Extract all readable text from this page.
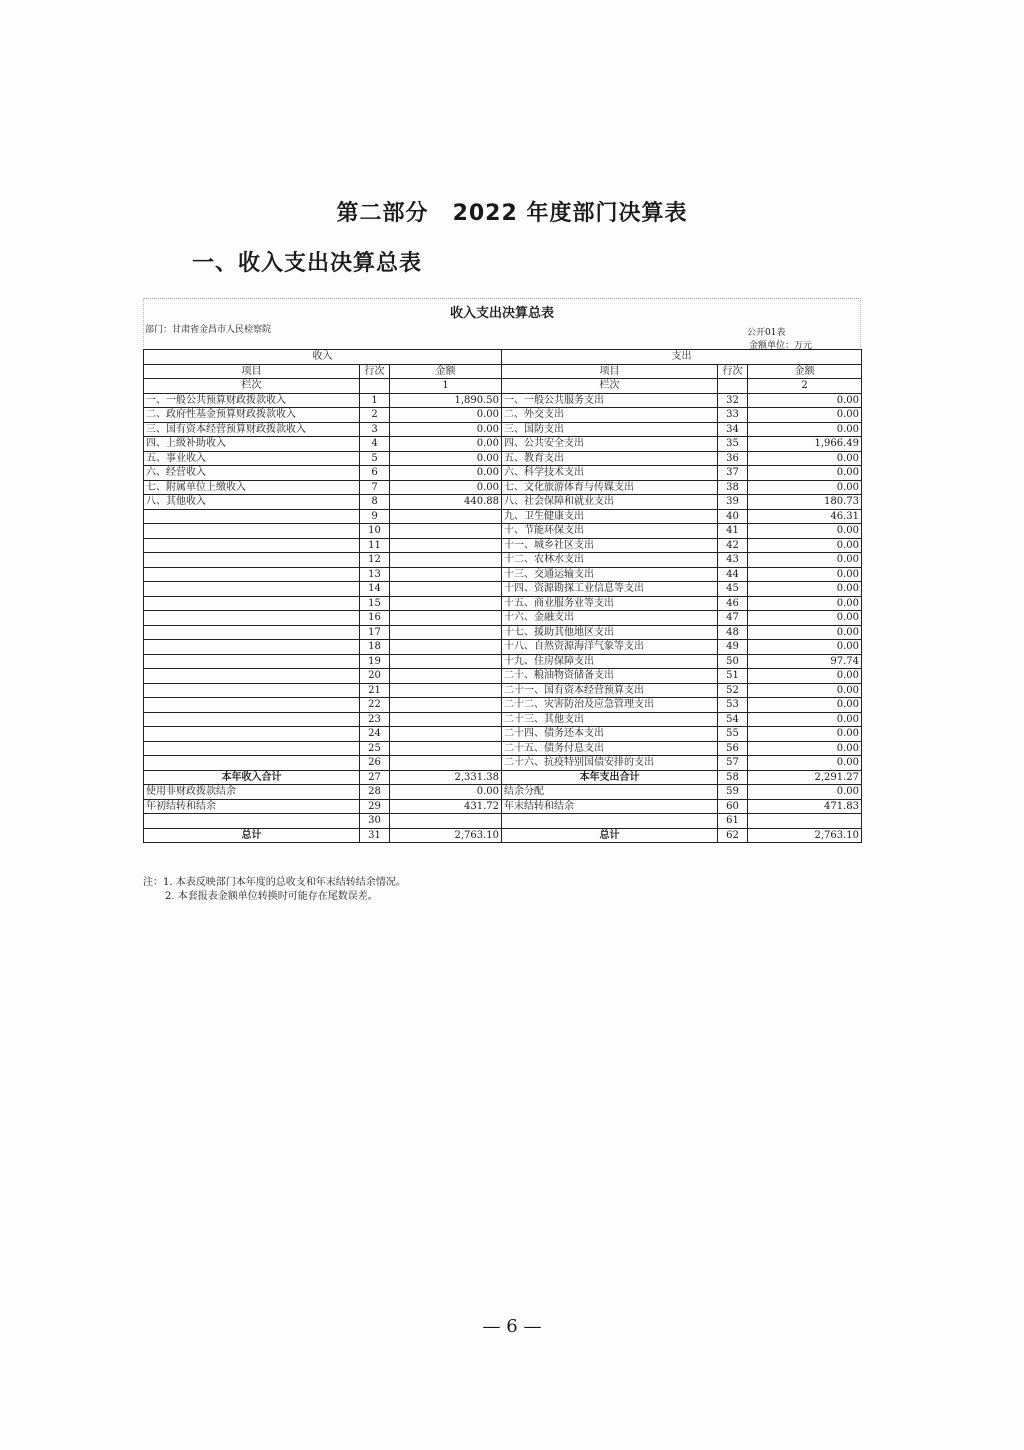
第二部分 2022 年度部门决算表
一、收入支出决算总表
收入支出决算总表
部门：甘肃省金昌市人民检察院	公开01表
金额单位：万元
收入			支出		
项目	行次	金额	项目	行次	金额
栏次		1	栏次		2
一、一般公共预算财政拨款收入	1	1,890.50	一、一般公共服务支出	32	0.00
二、政府性基金预算财政拨款收入	2	0.00	二、外交支出	33	0.00
三、国有资本经营预算财政拨款收入	3	0.00	三、国防支出	34	0.00
四、上级补助收入	4	0.00	四、公共安全支出	35	1,966.49
五、事业收入	5	0.00	五、教育支出	36	0.00
六、经营收入	6	0.00	六、科学技术支出	37	0.00
七、附属单位上缴收入	7	0.00	七、文化旅游体育与传媒支出	38	0.00
八、其他收入	8	440.88	八、社会保障和就业支出	39	180.73
	9		九、卫生健康支出	40	46.31
	10		十、节能环保支出	41	0.00
	11		十一、城乡社区支出	42	0.00
	12		十二、农林水支出	43	0.00
	13		十三、交通运输支出	44	0.00
	14		十四、资源勘探工业信息等支出	45	0.00
	15		十五、商业服务业等支出	46	0.00
	16		十六、金融支出	47	0.00
	17		十七、援助其他地区支出	48	0.00
	18		十八、自然资源海洋气象等支出	49	0.00
	19		十九、住房保障支出	50	97.74
	20		二十、粮油物资储备支出	51	0.00
	21		二十一、国有资本经营预算支出	52	0.00
	22		二十二、灾害防治及应急管理支出	53	0.00
	23		二十三、其他支出	54	0.00
	24		二十四、债务还本支出	55	0.00
	25		二十五、债务付息支出	56	0.00
	26		二十六、抗疫特别国债安排的支出	57	0.00
本年收入合计	27	2,331.38	本年支出合计	58	2,291.27
使用非财政拨款结余	28	0.00	结余分配	59	0.00
年初结转和结余	29	431.72	年末结转和结余	60	471.83
	30			61	
总计	31	2,763.10	总计	62	2,763.10
注：1. 本表反映部门本年度的总收支和年末结转结余情况。
2. 本套报表金额单位转换时可能存在尾数误差。
— 6 —
